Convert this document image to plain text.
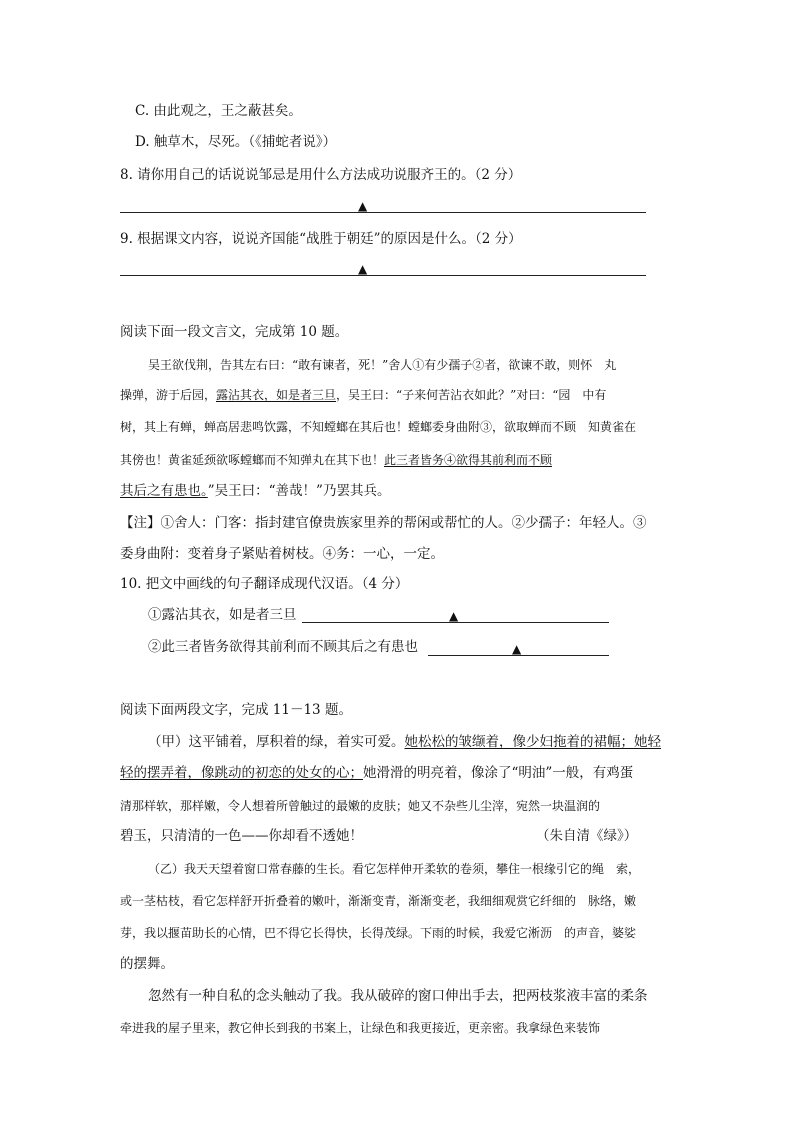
C. 由此观之，王之蔽甚矣。
D. 触草木，尽死。（《捕蛇者说》）
8. 请你用自己的话说说邹忌是用什么方法成功说服齐王的。（2 分）
▲
9. 根据课文内容，说说齐国能“战胜于朝廷”的原因是什么。（2 分）
▲
阅读下面一段文言文，完成第 10 题。
吴王欲伐荆，告其左右曰：“敢有谏者，死！”舍人①有少孺子②者，欲谏不敢，则怀　丸
操弹，游于后园，露沾其衣，如是者三旦，吴王曰：“子来何苦沾衣如此？”对曰：“园　中有
树，其上有蝉，蝉高居悲鸣饮露，不知螳螂在其后也！螳螂委身曲附③，欲取蝉而不顾　知黄雀在
其傍也！黄雀延颈欲啄螳螂而不知弹丸在其下也！此三者皆务④欲得其前利而不顾
其后之有患也。”吴王曰：“善哉！”乃罢其兵。
【注】①舍人：门客：指封建官僚贵族家里养的帮闲或帮忙的人。②少孺子：年轻人。③
委身曲附：变着身子紧贴着树枝。④务：一心，一定。
10. 把文中画线的句子翻译成现代汉语。（4 分）
①露沾其衣，如是者三旦	▲
②此三者皆务欲得其前利而不顾其后之有患也	▲
阅读下面两段文字，完成 11－13 题。
（甲）这平铺着，厚积着的绿，着实可爱。她松松的皱缬着，像少妇拖着的裙幅；她轻
轻的摆弄着，像跳动的初恋的处女的心；她滑滑的明亮着，像涂了“明油”一般，有鸡蛋
清那样软，那样嫩，令人想着所曾触过的最嫩的皮肤；她又不杂些儿尘滓，宛然一块温润的
碧玉，只清清的一色——你却看不透她！	（朱自清《绿》）
（乙）我天天望着窗口常春藤的生长。看它怎样伸开柔软的卷须，攀住一根缘引它的绳　索，
或一茎枯枝，看它怎样舒开折叠着的嫩叶，渐渐变青，渐渐变老，我细细观赏它纤细的　脉络，嫩
芽，我以揠苗助长的心情，巴不得它长得快，长得茂绿。下雨的时候，我爱它淅沥　的声音，婆娑
的摆舞。
忽然有一种自私的念头触动了我。我从破碎的窗口伸出手去，把两枝浆液丰富的柔条
牵进我的屋子里来，教它伸长到我的书案上，让绿色和我更接近，更亲密。我拿绿色来装饰
